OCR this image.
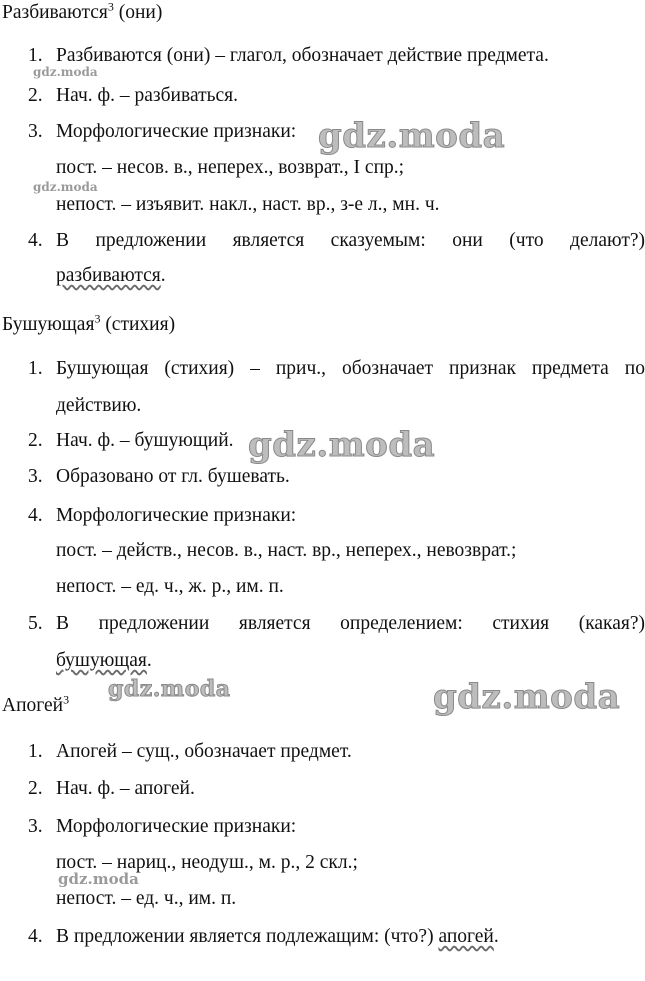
Разбиваются$^3$ (они)
1. Разбиваются (они) – глагол, обозначает действие предмета.
2. Нач. ф. – разбиваться.
3. Морфологические признаки:
пост. – несов. в., неперех., возврат., I спр.;
непост. – изъявит. накл., наст. вр., з-е л., мн. ч.
4. В предложении является сказуемым: они (что делают?)
разбиваются.
Бушующая$^3$ (стихия)
1. Бушующая (стихия) – прич., обозначает признак предмета по
действию.
2. Нач. ф. – бушующий.
3. Образовано от гл. бушевать.
4. Морфологические признаки:
пост. – действ., несов. в., наст. вр., неперех., невозврат.;
непост. – ед. ч., ж. р., им. п.
5. В предложении является определением: стихия (какая?)
бушующая.
Апогей$^3$
1. Апогей – сущ., обозначает предмет.
2. Нач. ф. – апогей.
3. Морфологические признаки:
пост. – нариц., неодуш., м. р., 2 скл.;
непост. – ед. ч., им. п.
4. В предложении является подлежащим: (что?) апогей.
gdz.moda
gdz.moda
gdz.moda
gdz.moda
gdz.moda	gdz.moda
gdz.moda
